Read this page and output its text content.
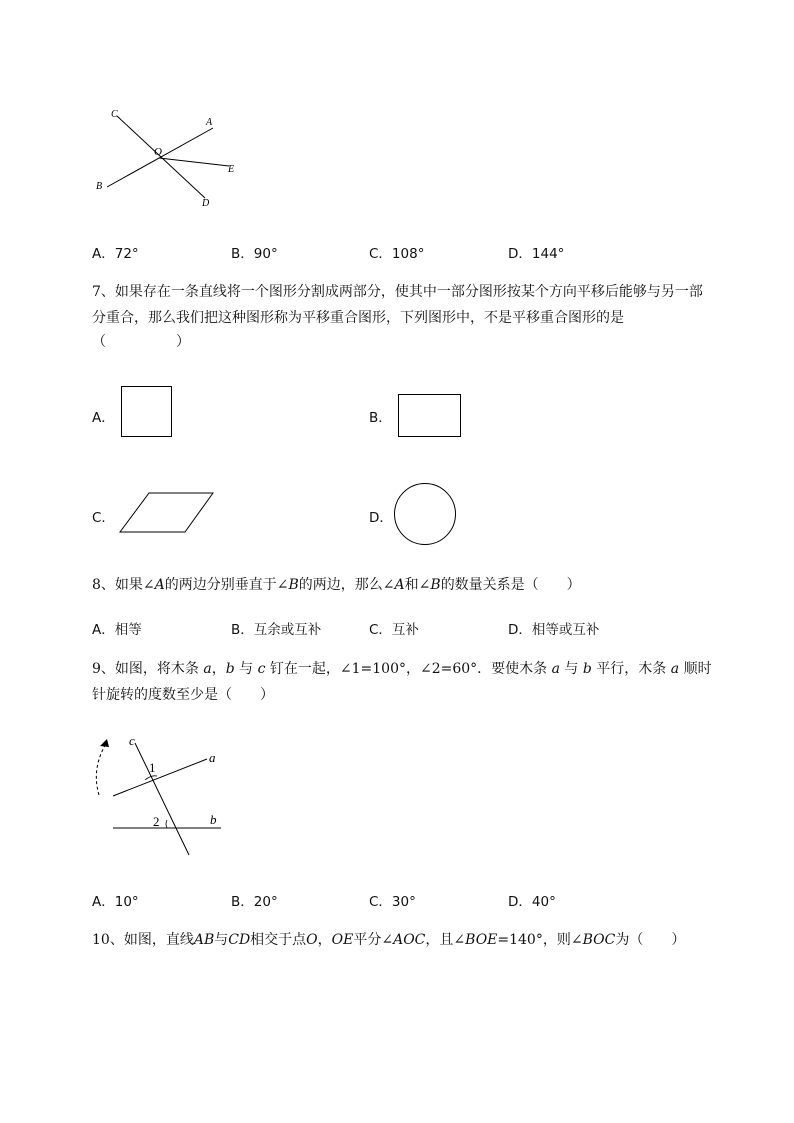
C
A
O
E
B
D
A．72°	B．90°	C．108°	D．144°
7、如果存在一条直线将一个图形分割成两部分，使其中一部分图形按某个方向平移后能够与另一部
分重合，那么我们把这种图形称为平移重合图形，下列图形中，不是平移重合图形的是
（　　　　　）
A．	B．
C．	D．
8、如果∠A的两边分别垂直于∠B的两边，那么∠A和∠B的数量关系是（　　）
A．相等	B．互余或互补	C．互补	D．相等或互补
9、如图，将木条 a，b 与 c 钉在一起，∠1=100°，∠2=60°．要使木条 a 与 b 平行，木条 a 顺时
针旋转的度数至少是（　　）
c
1
a
2	b
A．10°	B．20°	C．30°	D．40°
10、如图，直线AB与CD相交于点O，OE平分∠AOC，且∠BOE=140°，则∠BOC为（　　）
